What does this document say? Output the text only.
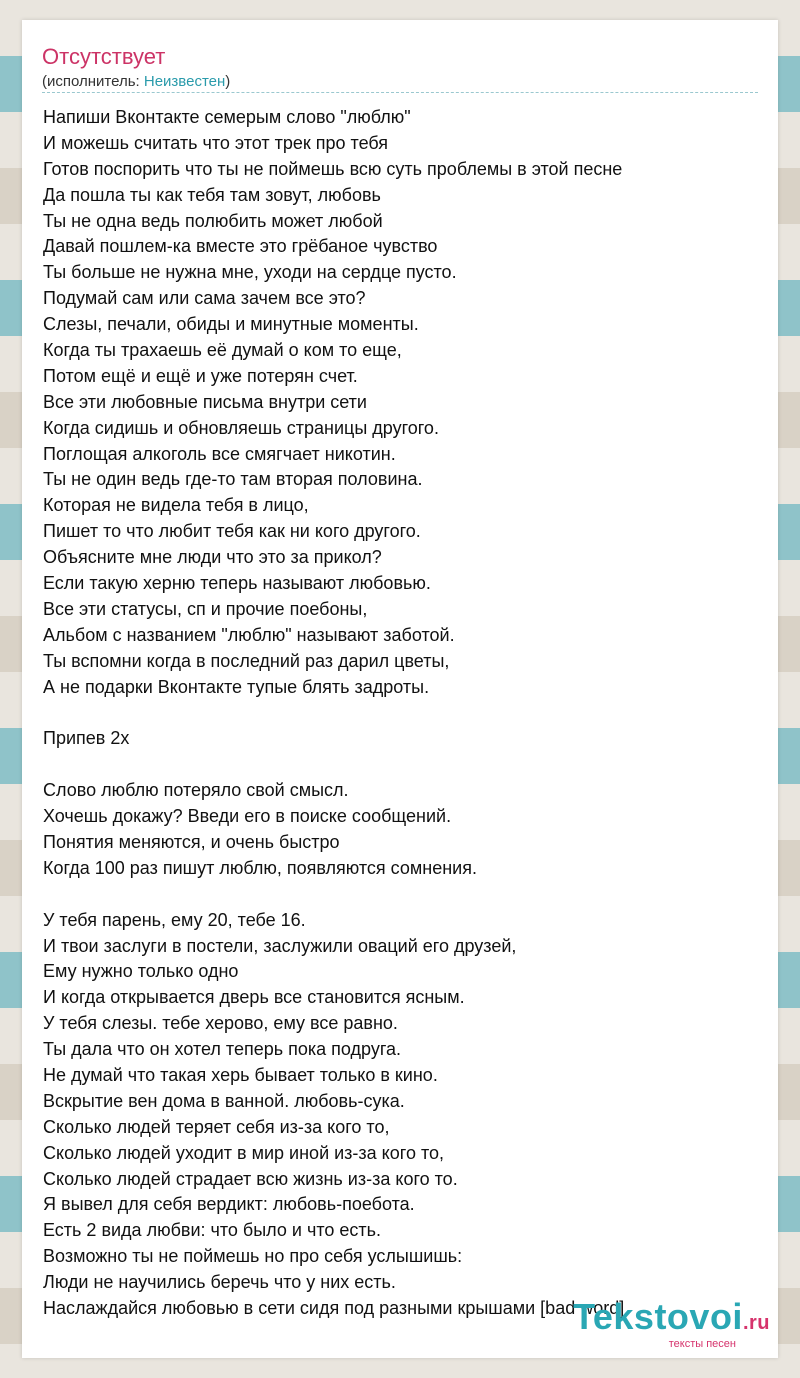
Отсутствует
(исполнитель: Неизвестен)
Напиши Вконтакте семерым слово "люблю"
И можешь считать что этот трек про тебя
Готов поспорить что ты не поймешь всю суть проблемы в этой песне
Да пошла ты как тебя там зовут, любовь
Ты не одна ведь полюбить может любой
Давай пошлем-ка вместе это грёбаное чувство
Ты больше не нужна мне, уходи на сердце пусто.
Подумай сам или сама зачем все это?
Слезы, печали, обиды и минутные моменты.
Когда ты трахаешь её думай о ком то еще,
Потом ещё и ещё и уже потерян счет.
Все эти любовные письма внутри сети
Когда сидишь и обновляешь страницы другого.
Поглощая алкоголь все смягчает никотин.
Ты не один ведь где-то там вторая половина.
Которая не видела тебя в лицо,
Пишет то что любит тебя как ни кого другого.
Объясните мне люди что это за прикол?
Если такую херню теперь называют любовью.
Все эти статусы, сп и прочие поебоны,
Альбом с названием "люблю" называют заботой.
Ты вспомни когда в последний раз дарил цветы,
А не подарки Вконтакте тупые блять задроты.
Припев 2х
Слово люблю потеряло свой смысл.
Хочешь докажу? Введи его в поиске сообщений.
Понятия меняются, и очень быстро
Когда 100 раз пишут люблю, появляются сомнения.
У тебя парень, ему 20, тебе 16.
И твои заслуги в постели, заслужили оваций его друзей,
Ему нужно только одно
И когда открывается дверь все становится ясным.
У тебя слезы. тебе херово, ему все равно.
Ты дала что он хотел теперь пока подруга.
Не думай что такая херь бывает только в кино.
Вскрытие вен дома в ванной. любовь-сука.
Сколько людей теряет себя из-за кого то,
Сколько людей уходит в мир иной из-за кого то,
Сколько людей страдает всю жизнь из-за кого то.
Я вывел для себя вердикт: любовь-поебота.
Есть 2 вида любви: что было и что есть.
Возможно ты не поймешь но про себя услышишь:
Люди не научились беречь что у них есть.
Наслаждайся любовью в сети сидя под разными крышами [bad word]
Tekstovoi.ru
тексты песен
